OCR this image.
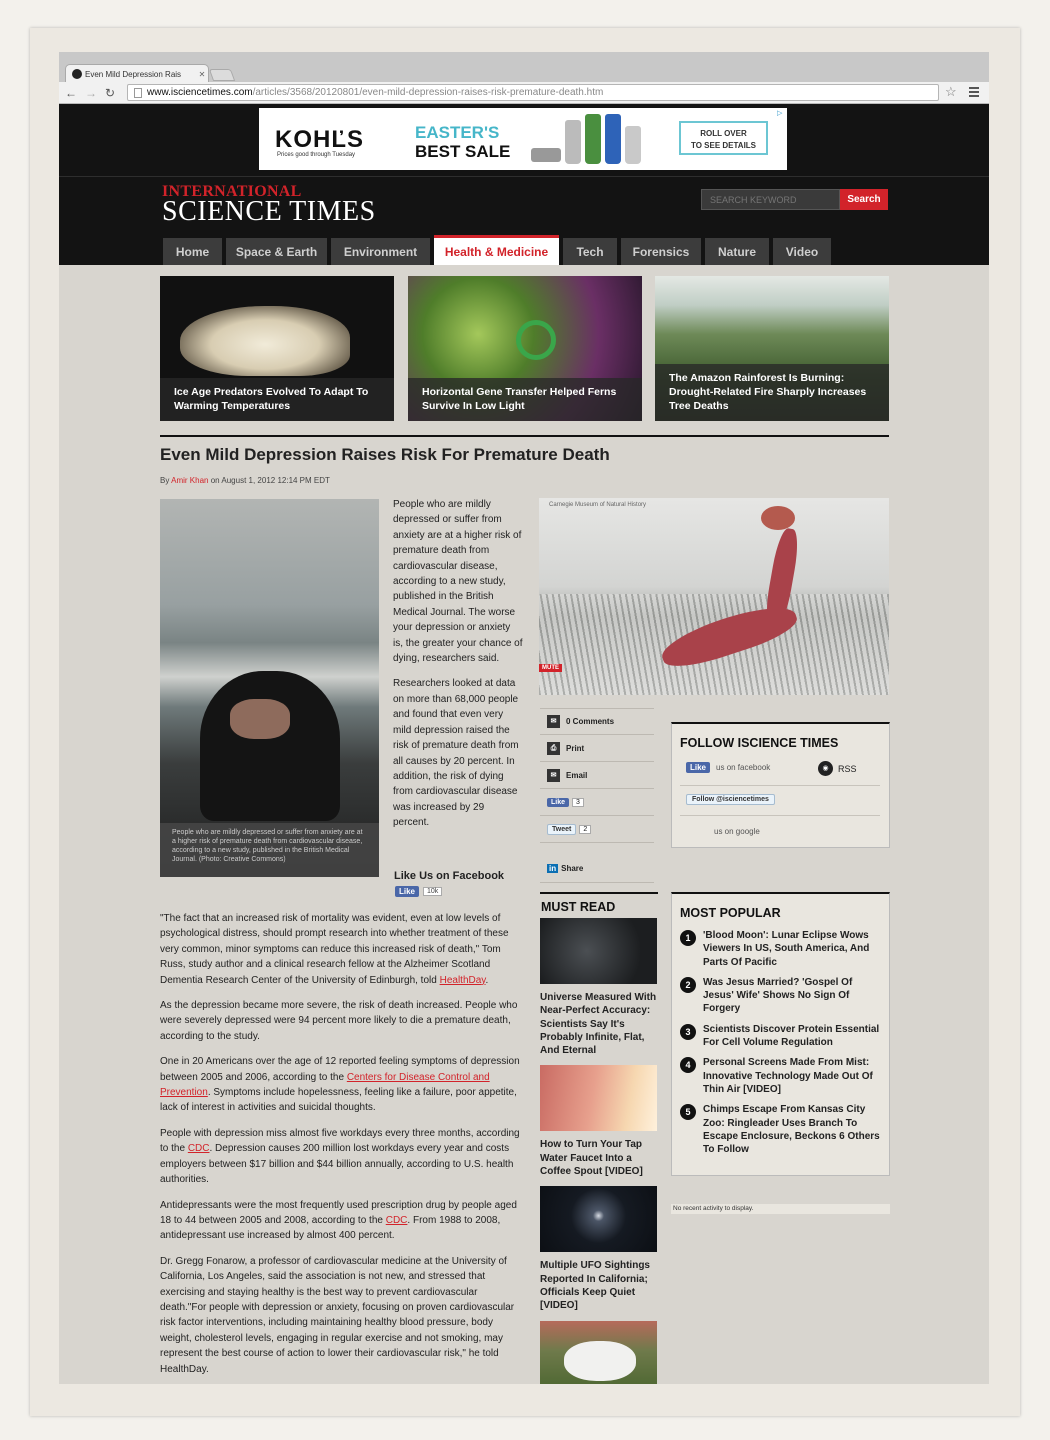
Even Mild Depression Rais	✕
← → ↻	www.isciencetimes.com/articles/3568/20120801/even-mild-depression-raises-risk-premature-death.htm	☆
KOHĽS
Prices good through Tuesday
EASTER'S
BEST SALE
ROLL OVER
TO SEE DETAILS
▷
INTERNATIONAL
SCIENCE TIMES
SEARCH KEYWORD	Search
Home	Space & Earth	Environment	Health & Medicine	Tech	Forensics	Nature	Video
Ice Age Predators Evolved To Adapt To Warming Temperatures
Horizontal Gene Transfer Helped Ferns Survive In Low Light
The Amazon Rainforest Is Burning: Drought-Related Fire Sharply Increases Tree Deaths
Even Mild Depression Raises Risk For Premature Death
By Amir Khan on August 1, 2012 12:14 PM EDT
People who are mildly depressed or suffer from anxiety are at a higher risk of premature death from cardiovascular disease, according to a new study, published in the British Medical Journal. (Photo: Creative Commons)

People who are mildly depressed or suffer from anxiety are at a higher risk of premature death from cardiovascular disease, according to a new study, published in the British Medical Journal. The worse your depression or anxiety is, the greater your chance of dying, researchers said.

Researchers looked at data on more than 68,000 people and found that even very mild depression raised the risk of premature death from all causes by 20 percent. In addition, the risk of dying from cardiovascular disease was increased by 29 percent.

Like Us on Facebook
Like	10k

"The fact that an increased risk of mortality was evident, even at low levels of psychological distress, should prompt research into whether treatment of these very common, minor symptoms can reduce this increased risk of death," Tom Russ, study author and a clinical research fellow at the Alzheimer Scotland Dementia Research Center of the University of Edinburgh, told HealthDay.

As the depression became more severe, the risk of death increased. People who were severely depressed were 94 percent more likely to die a premature death, according to the study.

One in 20 Americans over the age of 12 reported feeling symptoms of depression between 2005 and 2006, according to the Centers for Disease Control and Prevention. Symptoms include hopelessness, feeling like a failure, poor appetite, lack of interest in activities and suicidal thoughts.

People with depression miss almost five workdays every three months, according to the CDC. Depression causes 200 million lost workdays every year and costs employers between $17 billion and $44 billion annually, according to U.S. health authorities.

Antidepressants were the most frequently used prescription drug by people aged 18 to 44 between 2005 and 2008, according to the CDC. From 1988 to 2008, antidepressant use increased by almost 400 percent.

Dr. Gregg Fonarow, a professor of cardiovascular medicine at the University of California, Los Angeles, said the association is not new, and stressed that exercising and staying healthy is the best way to prevent cardiovascular death."For people with depression or anxiety, focusing on proven cardiovascular risk factor interventions, including maintaining healthy blood pressure, body weight, cholesterol levels, engaging in regular exercise and not smoking, may represent the best course of action to lower their cardiovascular risk," he told HealthDay.

Carnegie Museum of Natural History
MUTE
✉	0 Comments
⎙	Print
✉	Email
Like	3
Tweet	2
in Share
FOLLOW ISCIENCE TIMES
Like	us on facebook	◉	RSS
Follow @isciencetimes
us on google
MUST READ
Universe Measured With Near-Perfect Accuracy: Scientists Say It's Probably Infinite, Flat, And Eternal
How to Turn Your Tap Water Faucet Into a Coffee Spout [VIDEO]
Multiple UFO Sightings Reported In California; Officials Keep Quiet [VIDEO]
MOST POPULAR
1	'Blood Moon': Lunar Eclipse Wows Viewers In US, South America, And Parts Of Pacific
2	Was Jesus Married? 'Gospel Of Jesus' Wife' Shows No Sign Of Forgery
3	Scientists Discover Protein Essential For Cell Volume Regulation
4	Personal Screens Made From Mist: Innovative Technology Made Out Of Thin Air [VIDEO]
5	Chimps Escape From Kansas City Zoo: Ringleader Uses Branch To Escape Enclosure, Beckons 6 Others To Follow
No recent activity to display.
